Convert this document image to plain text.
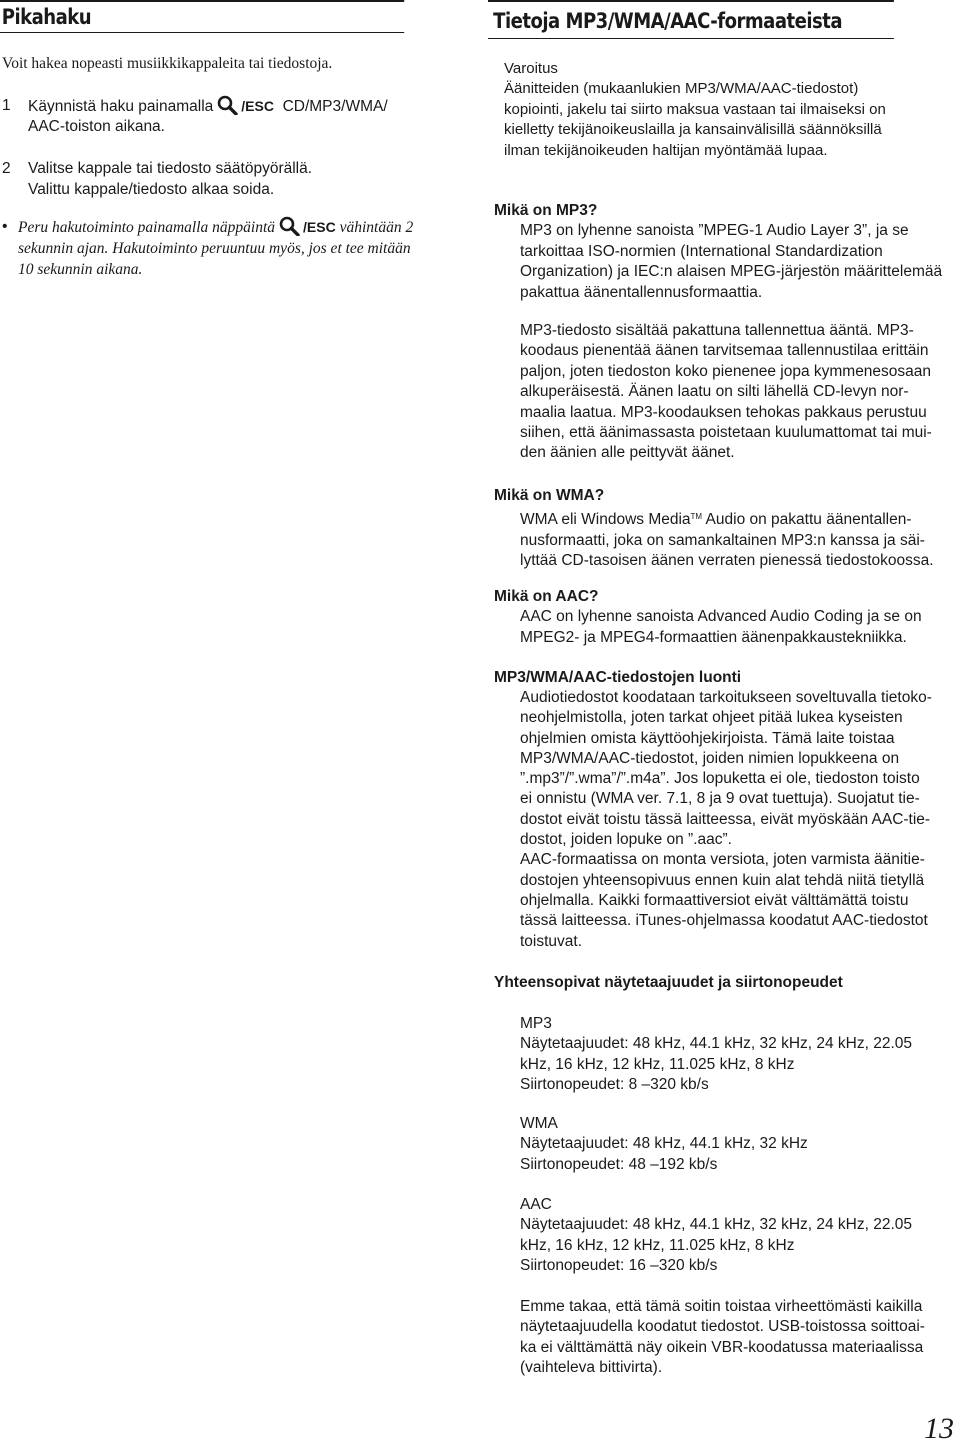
Pikahaku
Voit hakea nopeasti musiikkikappaleita tai tiedostoja.
1 Käynnistä haku painamalla /ESC CD/MP3/WMA/
AAC-toiston aikana.
2 Valitse kappale tai tiedosto säätöpyörällä.
Valittu kappale/tiedosto alkaa soida.
• Peru hakutoiminto painamalla näppäintä /ESC vähintään 2
sekunnin ajan. Hakutoiminto peruuntuu myös, jos et tee mitään
10 sekunnin aikana.
Tietoja MP3/WMA/AAC-formaateista
Varoitus
Äänitteiden (mukaanlukien MP3/WMA/AAC-tiedostot)
kopiointi, jakelu tai siirto maksua vastaan tai ilmaiseksi on
kielletty tekijänoikeuslailla ja kansainvälisillä säännöksillä
ilman tekijänoikeuden haltijan myöntämää lupaa.
Mikä on MP3?
MP3 on lyhenne sanoista ”MPEG-1 Audio Layer 3”, ja se
tarkoittaa ISO-normien (International Standardization
Organization) ja IEC:n alaisen MPEG-järjestön määrittelemää
pakattua äänentallennusformaattia.
MP3-tiedosto sisältää pakattuna tallennettua ääntä. MP3-
koodaus pienentää äänen tarvitsemaa tallennustilaa erittäin
paljon, joten tiedoston koko pienenee jopa kymmenesosaan
alkuperäisestä. Äänen laatu on silti lähellä CD-levyn nor-
maalia laatua. MP3-koodauksen tehokas pakkaus perustuu
siihen, että äänimassasta poistetaan kuulumattomat tai mui-
den äänien alle peittyvät äänet.
Mikä on WMA?
WMA eli Windows Media™ Audio on pakattu äänentallen-
nusformaatti, joka on samankaltainen MP3:n kanssa ja säi-
lyttää CD-tasoisen äänen verraten pienessä tiedostokoossa.
Mikä on AAC?
AAC on lyhenne sanoista Advanced Audio Coding ja se on
MPEG2- ja MPEG4-formaattien äänenpakkaustekniikka.
MP3/WMA/AAC-tiedostojen luonti
Audiotiedostot koodataan tarkoitukseen soveltuvalla tietoko-
neohjelmistolla, joten tarkat ohjeet pitää lukea kyseisten
ohjelmien omista käyttöohjekirjoista. Tämä laite toistaa
MP3/WMA/AAC-tiedostot, joiden nimien lopukkeena on
”.mp3”/”.wma”/”.m4a”. Jos lopuketta ei ole, tiedoston toisto
ei onnistu (WMA ver. 7.1, 8 ja 9 ovat tuettuja). Suojatut tie-
dostot eivät toistu tässä laitteessa, eivät myöskään AAC-tie-
dostot, joiden lopuke on ”.aac”.
AAC-formaatissa on monta versiota, joten varmista äänitie-
dostojen yhteensopivuus ennen kuin alat tehdä niitä tietyllä
ohjelmalla. Kaikki formaattiversiot eivät välttämättä toistu
tässä laitteessa. iTunes-ohjelmassa koodatut AAC-tiedostot
toistuvat.
Yhteensopivat näytetaajuudet ja siirtonopeudet
MP3
Näytetaajuudet: 48 kHz, 44.1 kHz, 32 kHz, 24 kHz, 22.05
kHz, 16 kHz, 12 kHz, 11.025 kHz, 8 kHz
Siirtonopeudet: 8 –320 kb/s
WMA
Näytetaajuudet: 48 kHz, 44.1 kHz, 32 kHz
Siirtonopeudet: 48 –192 kb/s
AAC
Näytetaajuudet: 48 kHz, 44.1 kHz, 32 kHz, 24 kHz, 22.05
kHz, 16 kHz, 12 kHz, 11.025 kHz, 8 kHz
Siirtonopeudet: 16 –320 kb/s
Emme takaa, että tämä soitin toistaa virheettömästi kaikilla
näytetaajuudella koodatut tiedostot. USB-toistossa soittoai-
ka ei välttämättä näy oikein VBR-koodatussa materiaalissa
(vaihteleva bittivirta).
13
